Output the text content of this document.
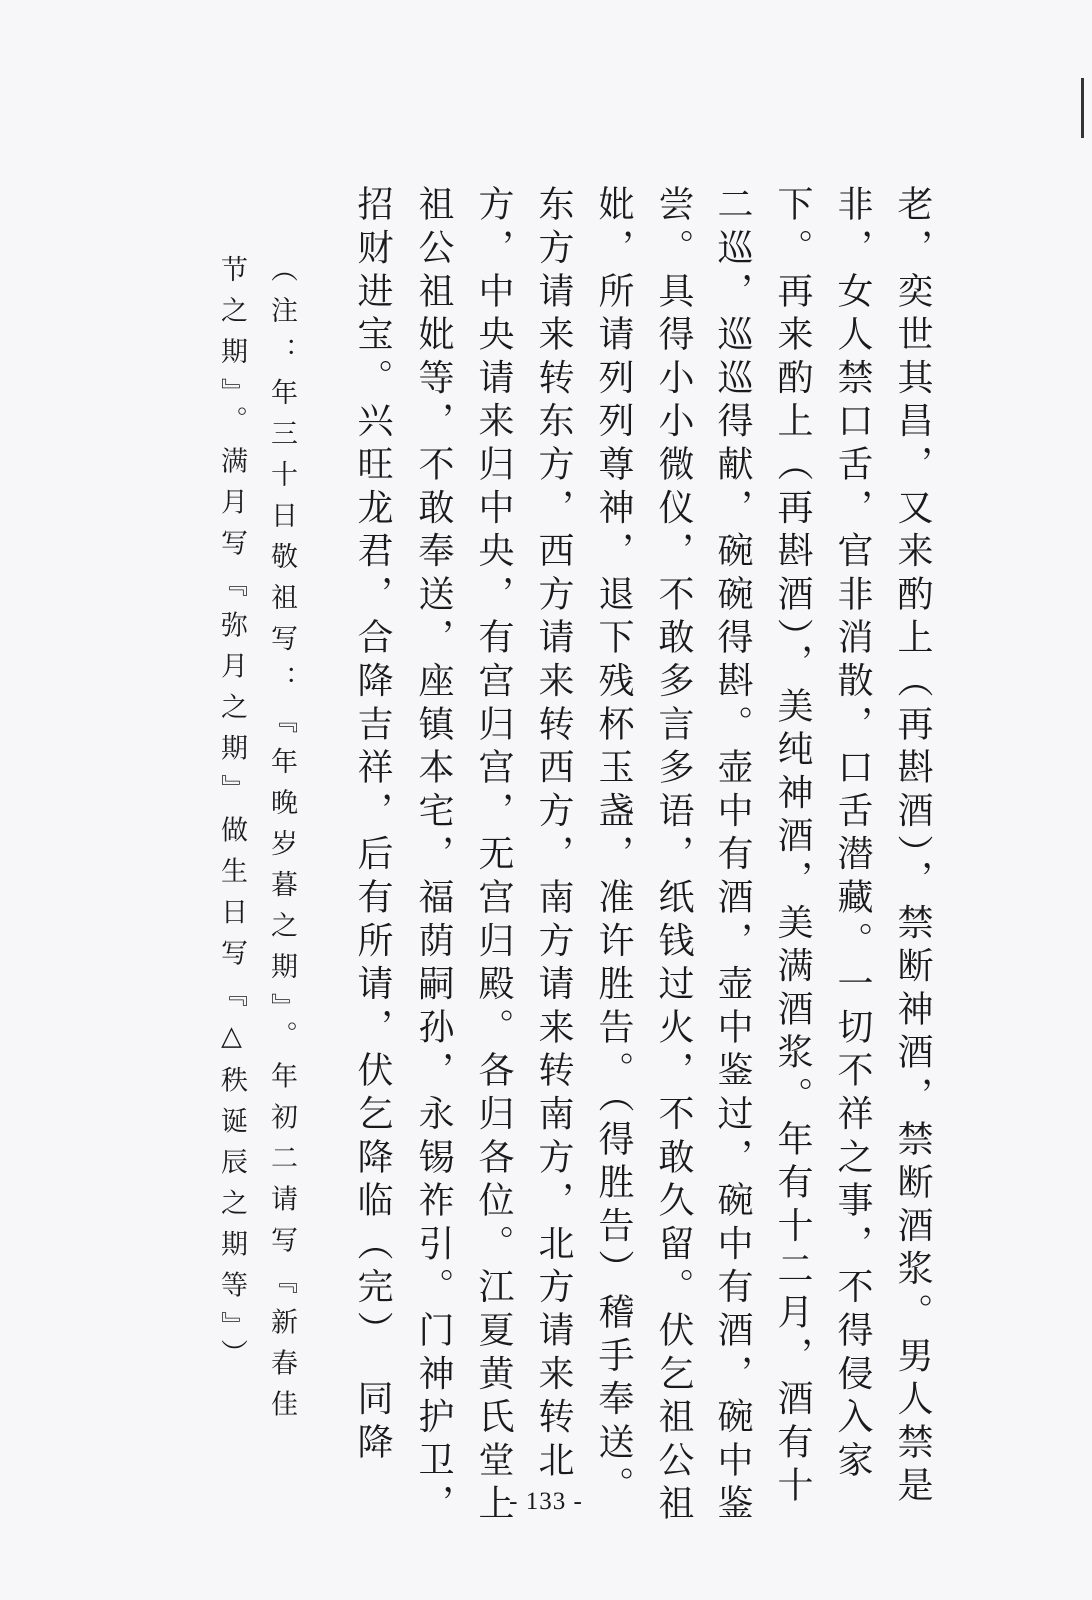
老，奕世其昌，又来酌上（再斟酒），禁断神酒，禁断酒浆。男人禁是
非，女人禁口舌，官非消散，口舌潜藏。一切不祥之事，不得侵入家
下。再来酌上（再斟酒），美纯神酒，美满酒浆。年有十二月，酒有十
二巡，巡巡得献，碗碗得斟。壶中有酒，壶中鉴过，碗中有酒，碗中鉴
尝。具得小小微仪，不敢多言多语，纸钱过火，不敢久留。伏乞祖公祖
妣，所请列列尊神，退下残杯玉盏，准许胜告。（得胜告）稽手奉送。
东方请来转东方，西方请来转西方，南方请来转南方，北方请来转北
方，中央请来归中央，有宫归宫，无宫归殿。各归各位。江夏黄氏堂上
祖公祖妣等，不敢奉送，座镇本宅，福荫嗣孙，永锡祚引。门神护卫，
招财进宝。兴旺龙君，合降吉祥，后有所请，伏乞降临（完）　同降
（注：年三十日敬祖写：『年晚岁暮之期』。年初二请写『新春佳
节之期』。满月写『弥月之期』做生日写『△秩诞辰之期等』）
- 133 -
